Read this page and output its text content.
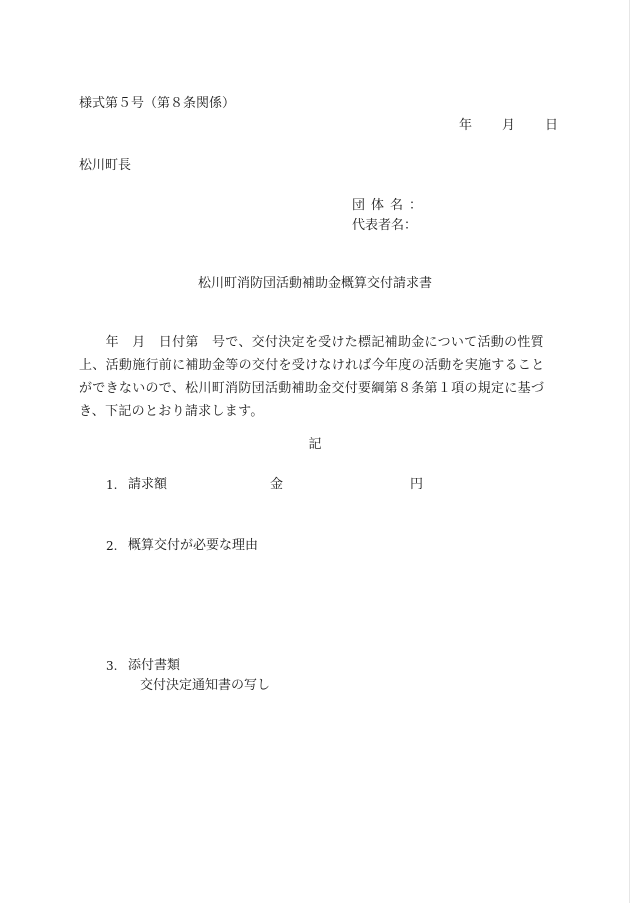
様式第５号（第８条関係）
年 月 日
松川町長
団体名：
代表者名：
松川町消防団活動補助金概算交付請求書
　　年　月　日付第　号で、交付決定を受けた標記補助金について活動の性質
上、活動施行前に補助金等の交付を受けなければ今年度の活動を実施すること
ができないので、松川町消防団活動補助金交付要綱第８条第１項の規定に基づ
き、下記のとおり請求します。
記
1. 請求額	金	円
2. 概算交付が必要な理由
3. 添付書類
交付決定通知書の写し
